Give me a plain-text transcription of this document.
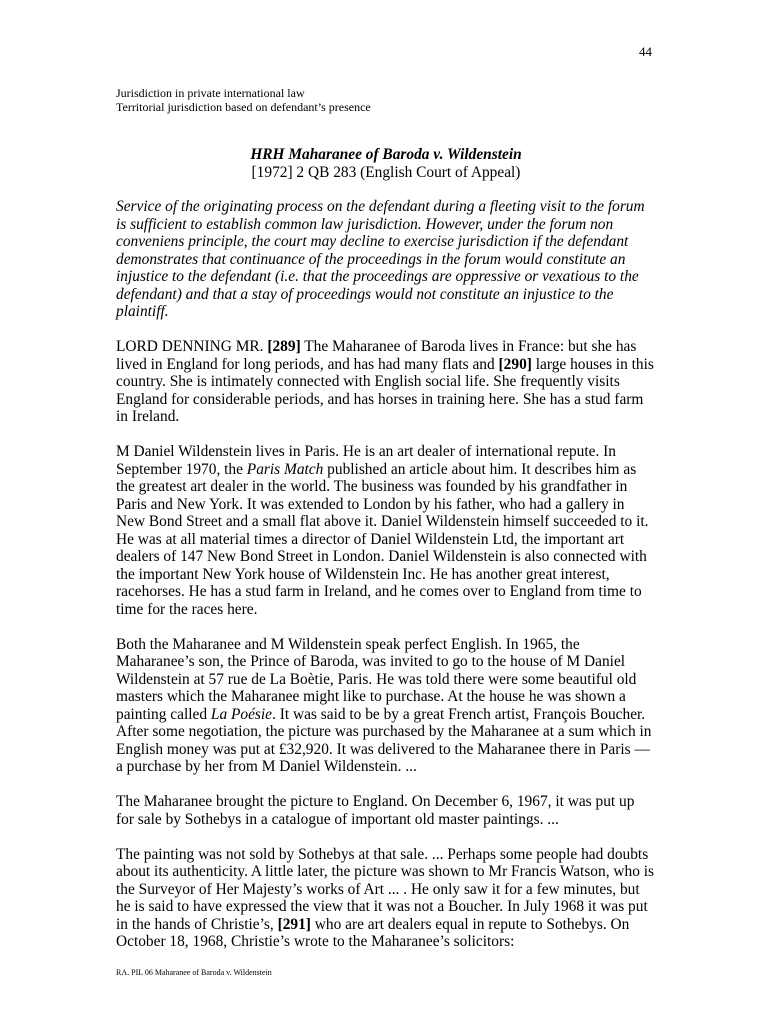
44
Jurisdiction in private international law
Territorial jurisdiction based on defendant’s presence
HRH Maharanee of Baroda v. Wildenstein
[1972] 2 QB 283 (English Court of Appeal)

Service of the originating process on the defendant during a fleeting visit to the forum is sufficient to establish common law jurisdiction. However, under the forum non conveniens principle, the court may decline to exercise jurisdiction if the defendant demonstrates that continuance of the proceedings in the forum would constitute an injustice to the defendant (i.e. that the proceedings are oppressive or vexatious to the defendant) and that a stay of proceedings would not constitute an injustice to the plaintiff.

LORD DENNING MR. [289] The Maharanee of Baroda lives in France: but she has lived in England for long periods, and has had many flats and [290] large houses in this country. She is intimately connected with English social life. She frequently visits England for considerable periods, and has horses in training here. She has a stud farm in Ireland.

M Daniel Wildenstein lives in Paris. He is an art dealer of international repute. In September 1970, the Paris Match published an article about him. It describes him as the greatest art dealer in the world. The business was founded by his grandfather in Paris and New York. It was extended to London by his father, who had a gallery in New Bond Street and a small flat above it. Daniel Wildenstein himself succeeded to it. He was at all material times a director of Daniel Wildenstein Ltd, the important art dealers of 147 New Bond Street in London. Daniel Wildenstein is also connected with the important New York house of Wildenstein Inc. He has another great interest, racehorses. He has a stud farm in Ireland, and he comes over to England from time to time for the races here.

Both the Maharanee and M Wildenstein speak perfect English. In 1965, the Maharanee’s son, the Prince of Baroda, was invited to go to the house of M Daniel Wildenstein at 57 rue de La Boètie, Paris. He was told there were some beautiful old masters which the Maharanee might like to purchase. At the house he was shown a painting called La Poésie. It was said to be by a great French artist, François Boucher. After some negotiation, the picture was purchased by the Maharanee at a sum which in English money was put at £32,920. It was delivered to the Maharanee there in Paris —a purchase by her from M Daniel Wildenstein. ...

The Maharanee brought the picture to England. On December 6, 1967, it was put up for sale by Sothebys in a catalogue of important old master paintings. ...

The painting was not sold by Sothebys at that sale. ... Perhaps some people had doubts about its authenticity. A little later, the picture was shown to Mr Francis Watson, who is the Surveyor of Her Majesty’s works of Art ... . He only saw it for a few minutes, but he is said to have expressed the view that it was not a Boucher. In July 1968 it was put in the hands of Christie’s, [291] who are art dealers equal in repute to Sothebys. On October 18, 1968, Christie’s wrote to the Maharanee’s solicitors:

RA. PIL 06 Maharanee of Baroda v. Wildenstein
